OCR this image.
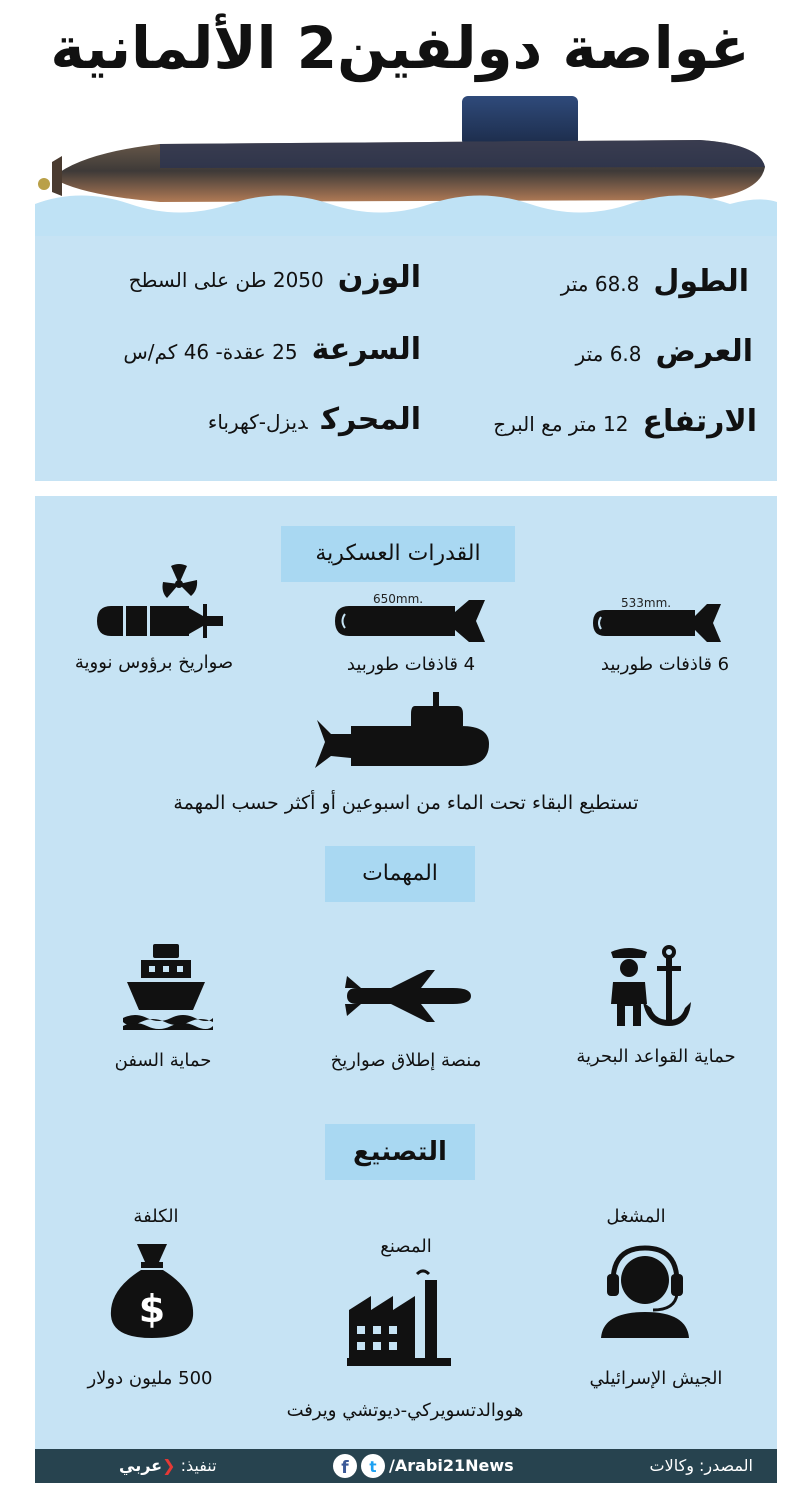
غواصة دولفين2 الألمانية
الطول68.8 متر
العرض6.8 متر
الارتفاع12 متر مع البرج
الوزن2050 طن على السطح
السرعة25 عقدة- 46 كم/س
المحركديزل-كهرباء
القدرات العسكرية
533mm.
6 قاذفات طوربيد
650mm.
4 قاذفات طوربيد
صواريخ برؤوس نووية
تستطيع البقاء تحت الماء من اسبوعين أو أكثر حسب المهمة
المهمات
حماية القواعد البحرية
منصة إطلاق صواريخ
حماية السفن
التصنيع
المشغل
الجيش الإسرائيلي
المصنع
هووالدتسويركي-ديوتشي ويرفت
الكلفة
$
500 مليون دولار
المصدر: وكالات
f t /Arabi21News
تنفيذ: ❮عربي
